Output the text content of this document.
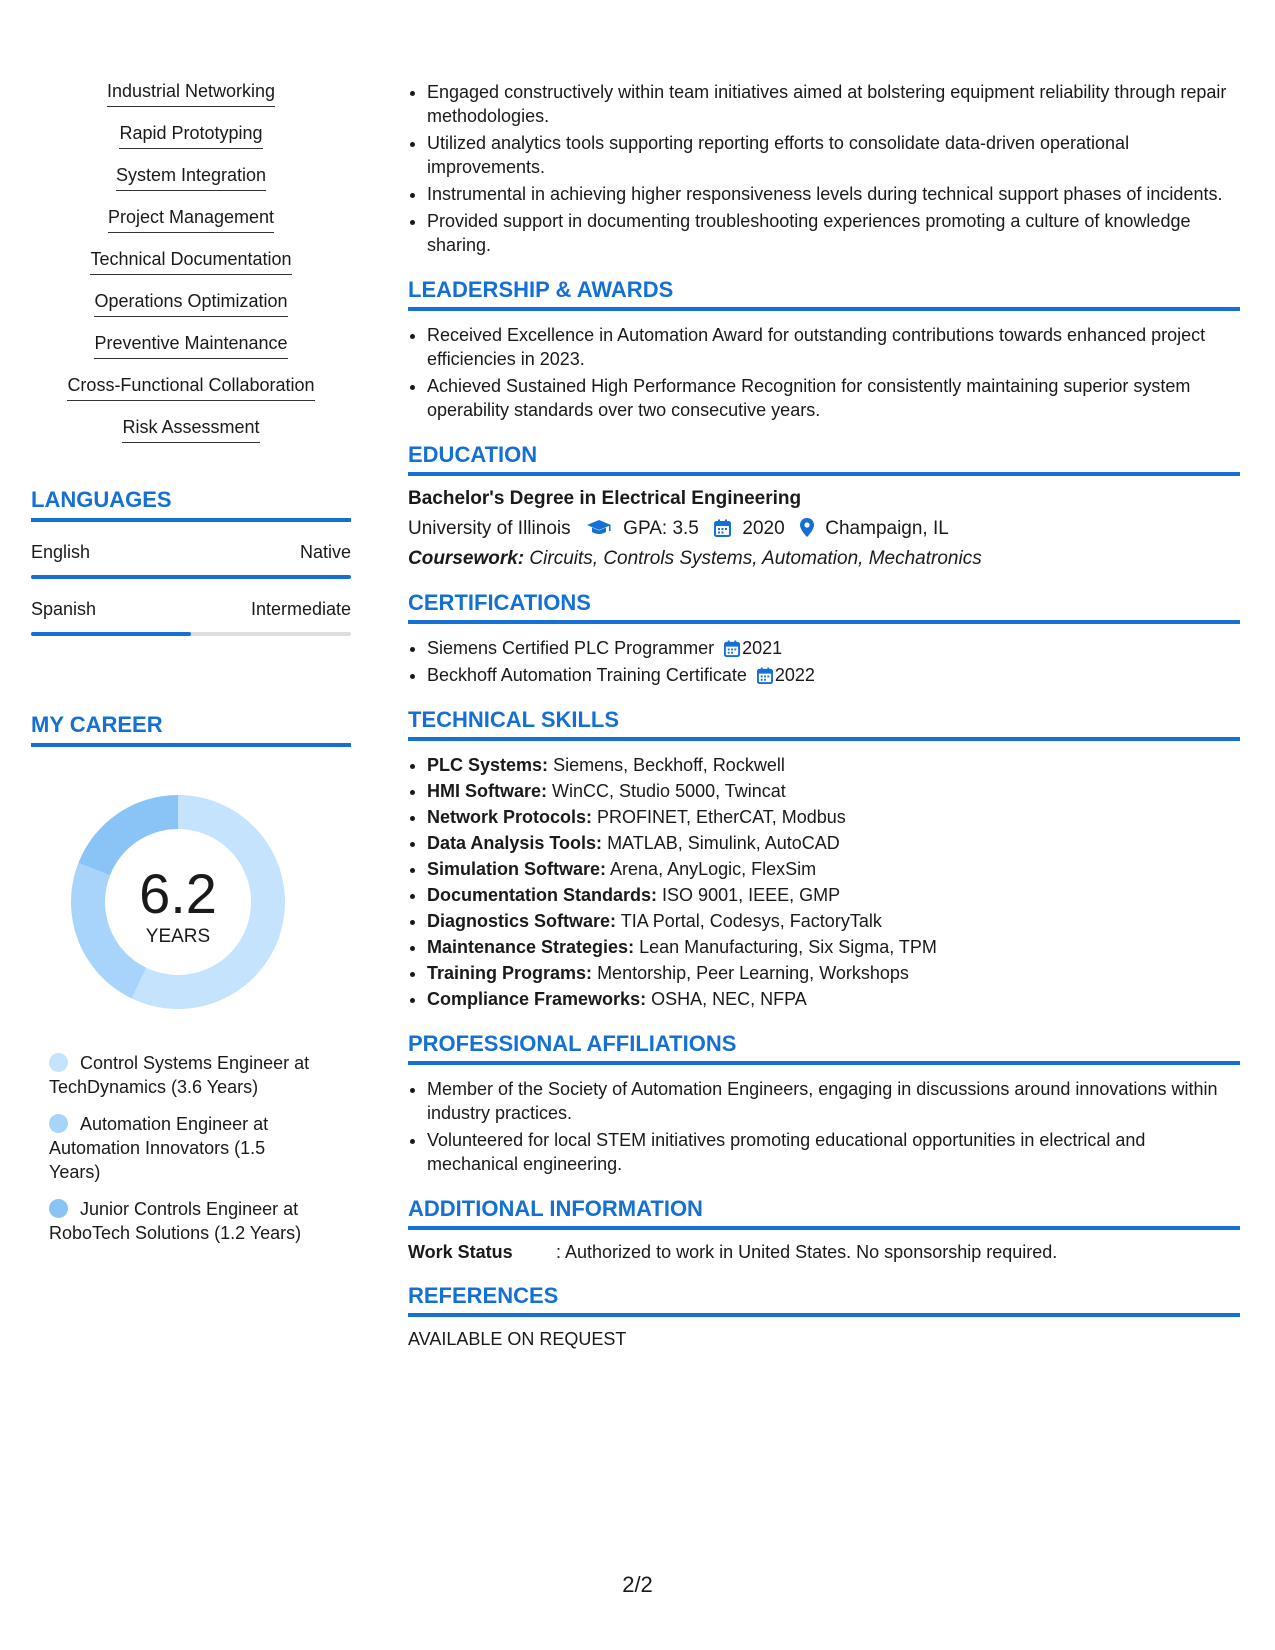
Industrial Networking
Rapid Prototyping
System Integration
Project Management
Technical Documentation
Operations Optimization
Preventive Maintenance
Cross-Functional Collaboration
Risk Assessment
LANGUAGES
English	Native
Spanish	Intermediate
MY CAREER
6.2
YEARS
Control Systems Engineer at TechDynamics (3.6 Years)
Automation Engineer at Automation Innovators (1.5 Years)
Junior Controls Engineer at RoboTech Solutions (1.2 Years)
• Engaged constructively within team initiatives aimed at bolstering equipment reliability through repair methodologies.
• Utilized analytics tools supporting reporting efforts to consolidate data-driven operational improvements.
• Instrumental in achieving higher responsiveness levels during technical support phases of incidents.
• Provided support in documenting troubleshooting experiences promoting a culture of knowledge sharing.
LEADERSHIP & AWARDS
• Received Excellence in Automation Award for outstanding contributions towards enhanced project efficiencies in 2023.
• Achieved Sustained High Performance Recognition for consistently maintaining superior system operability standards over two consecutive years.
EDUCATION
Bachelor's Degree in Electrical Engineering
University of Illinois	GPA: 3.5 2020 Champaign, IL
Coursework: Circuits, Controls Systems, Automation, Mechatronics
CERTIFICATIONS
• Siemens Certified PLC Programmer 2021
• Beckhoff Automation Training Certificate 2022
TECHNICAL SKILLS
• PLC Systems: Siemens, Beckhoff, Rockwell
• HMI Software: WinCC, Studio 5000, Twincat
• Network Protocols: PROFINET, EtherCAT, Modbus
• Data Analysis Tools: MATLAB, Simulink, AutoCAD
• Simulation Software: Arena, AnyLogic, FlexSim
• Documentation Standards: ISO 9001, IEEE, GMP
• Diagnostics Software: TIA Portal, Codesys, FactoryTalk
• Maintenance Strategies: Lean Manufacturing, Six Sigma, TPM
• Training Programs: Mentorship, Peer Learning, Workshops
• Compliance Frameworks: OSHA, NEC, NFPA
PROFESSIONAL AFFILIATIONS
• Member of the Society of Automation Engineers, engaging in discussions around innovations within industry practices.
• Volunteered for local STEM initiatives promoting educational opportunities in electrical and mechanical engineering.
ADDITIONAL INFORMATION
Work Status	: Authorized to work in United States. No sponsorship required.
REFERENCES
AVAILABLE ON REQUEST
2/2
